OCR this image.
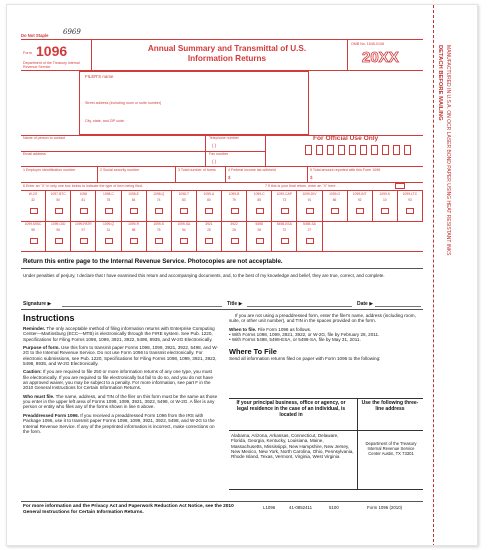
Do Not Staple 6969
Form 1096
Department of the Treasury Internal Revenue Service
Annual Summary and Transmittal of U.S. Information Returns
OMB No. 1545-0108
20XX
FILER'S name
Street address (including room or suite number)
City, state, and ZIP code
Name of person to contact	Telephone number
( )
Email address	Fax number
( )
For Official Use Only
1 Employer identification number	2 Social security number	3 Total number of forms	4 Federal income tax withheld
$
5 Total amount reported with this Form 1096
$
6 Enter an "X" in only one box below to indicate the type of form being filed.	7 If this is your final return, enter an "X" here . . .
W-2G
32
1097-BTC
50
1098
81
1098-C
78
1098-E
84
1098-Q
74
1098-T
83
1099-A
80
1099-B
79
1099-C
85
1099-CAP
73
1099-DIV
91
1099-G
86
1099-INT
92
1099-K
10
1099-LTC
93
1099-MISC
95
1099-OID
96
1099-PATR
97
1099-Q
31
1099-R
98
1099-S
75
1099-SA
94
3921
25
3922
26
5498
28
5498-ESA
72
5498-SA
27
Return this entire page to the Internal Revenue Service. Photocopies are not acceptable.
Under penalties of perjury, I declare that I have examined this return and accompanying documents, and, to the best of my knowledge and belief, they are true, correct, and complete.
Signature ▶	Title ▶	Date ▶
Instructions

Reminder. The only acceptable method of filing information returns with Enterprise Computing Center—Martinsburg (ECC—MTB) is electronically through the FIRE system. See Pub. 1220, Specifications for Filing Forms 1098, 1099, 3921, 3922, 5498, 8935, and W-2G Electronically.

Purpose of form. Use this form to transmit paper Forms 1098, 1099, 3921, 3922, 5498, and W-2G to the Internal Revenue Service. Do not use Form 1096 to transmit electronically. For electronic submissions, see Pub. 1220, Specifications for Filing Forms 1098, 1099, 3921, 3922, 5498, 8935, and W-2G Electronically.

Caution: If you are required to file 250 or more information returns of any one type, you must file electronically. If you are required to file electronically but fail to do so, and you do not have an approved waiver, you may be subject to a penalty. For more information, see part F in the 2010 General Instructions for Certain Information Returns.

Who must file. The name, address, and TIN of the filer on this form must be the same as those you enter in the upper left area of Forms 1098, 1099, 3921, 3922, 5498, or W-2G. A filer is any person or entity who files any of the forms shown in line 6 above.

Preaddressed Form 1096. If you received a preaddressed Form 1096 from the IRS with Package 1096, use it to transmit paper Forms 1098, 1099, 3921, 3922, 5498, and W-2G to the Internal Revenue Service. If any of the preprinted information is incorrect, make corrections on the form.

If you are not using a preaddressed form, enter the filer's name, address (including room, suite, or other unit number), and TIN in the spaces provided on the form.

When to file. File Form 1096 as follows.

• With Forms 1098, 1099, 3921, 3922, or W-2G, file by February 28, 2011.

• With Forms 5498, 5498-ESA, or 5498-SA, file by May 31, 2011.

Where To File

Send all information returns filed on paper with Form 1096 to the following:

If your principal business, office or agency, or legal residence in the case of an individual, is located in
Use the following three-line address
Alabama, Arizona, Arkansas, Connecticut, Delaware, Florida, Georgia, Kentucky, Louisiana, Maine, Massachusetts, Mississippi, New Hampshire, New Jersey, New Mexico, New York, North Carolina, Ohio, Pennsylvania, Rhode Island, Texas, Vermont, Virginia, West Virginia
Department of the Treasury Internal Revenue Service Center Austin, TX 73301
For more information and the Privacy Act and Paperwork Reduction Act Notice, see the 2010 General Instructions for Certain Information Returns.
L1096	41-0852411	5100	Form 1096 (2010)
DETACH BEFORE MAILING MANUFACTURED IN U.S.A. ON OCR LASER BOND PAPER USING HEAT RESISTANT INKS
